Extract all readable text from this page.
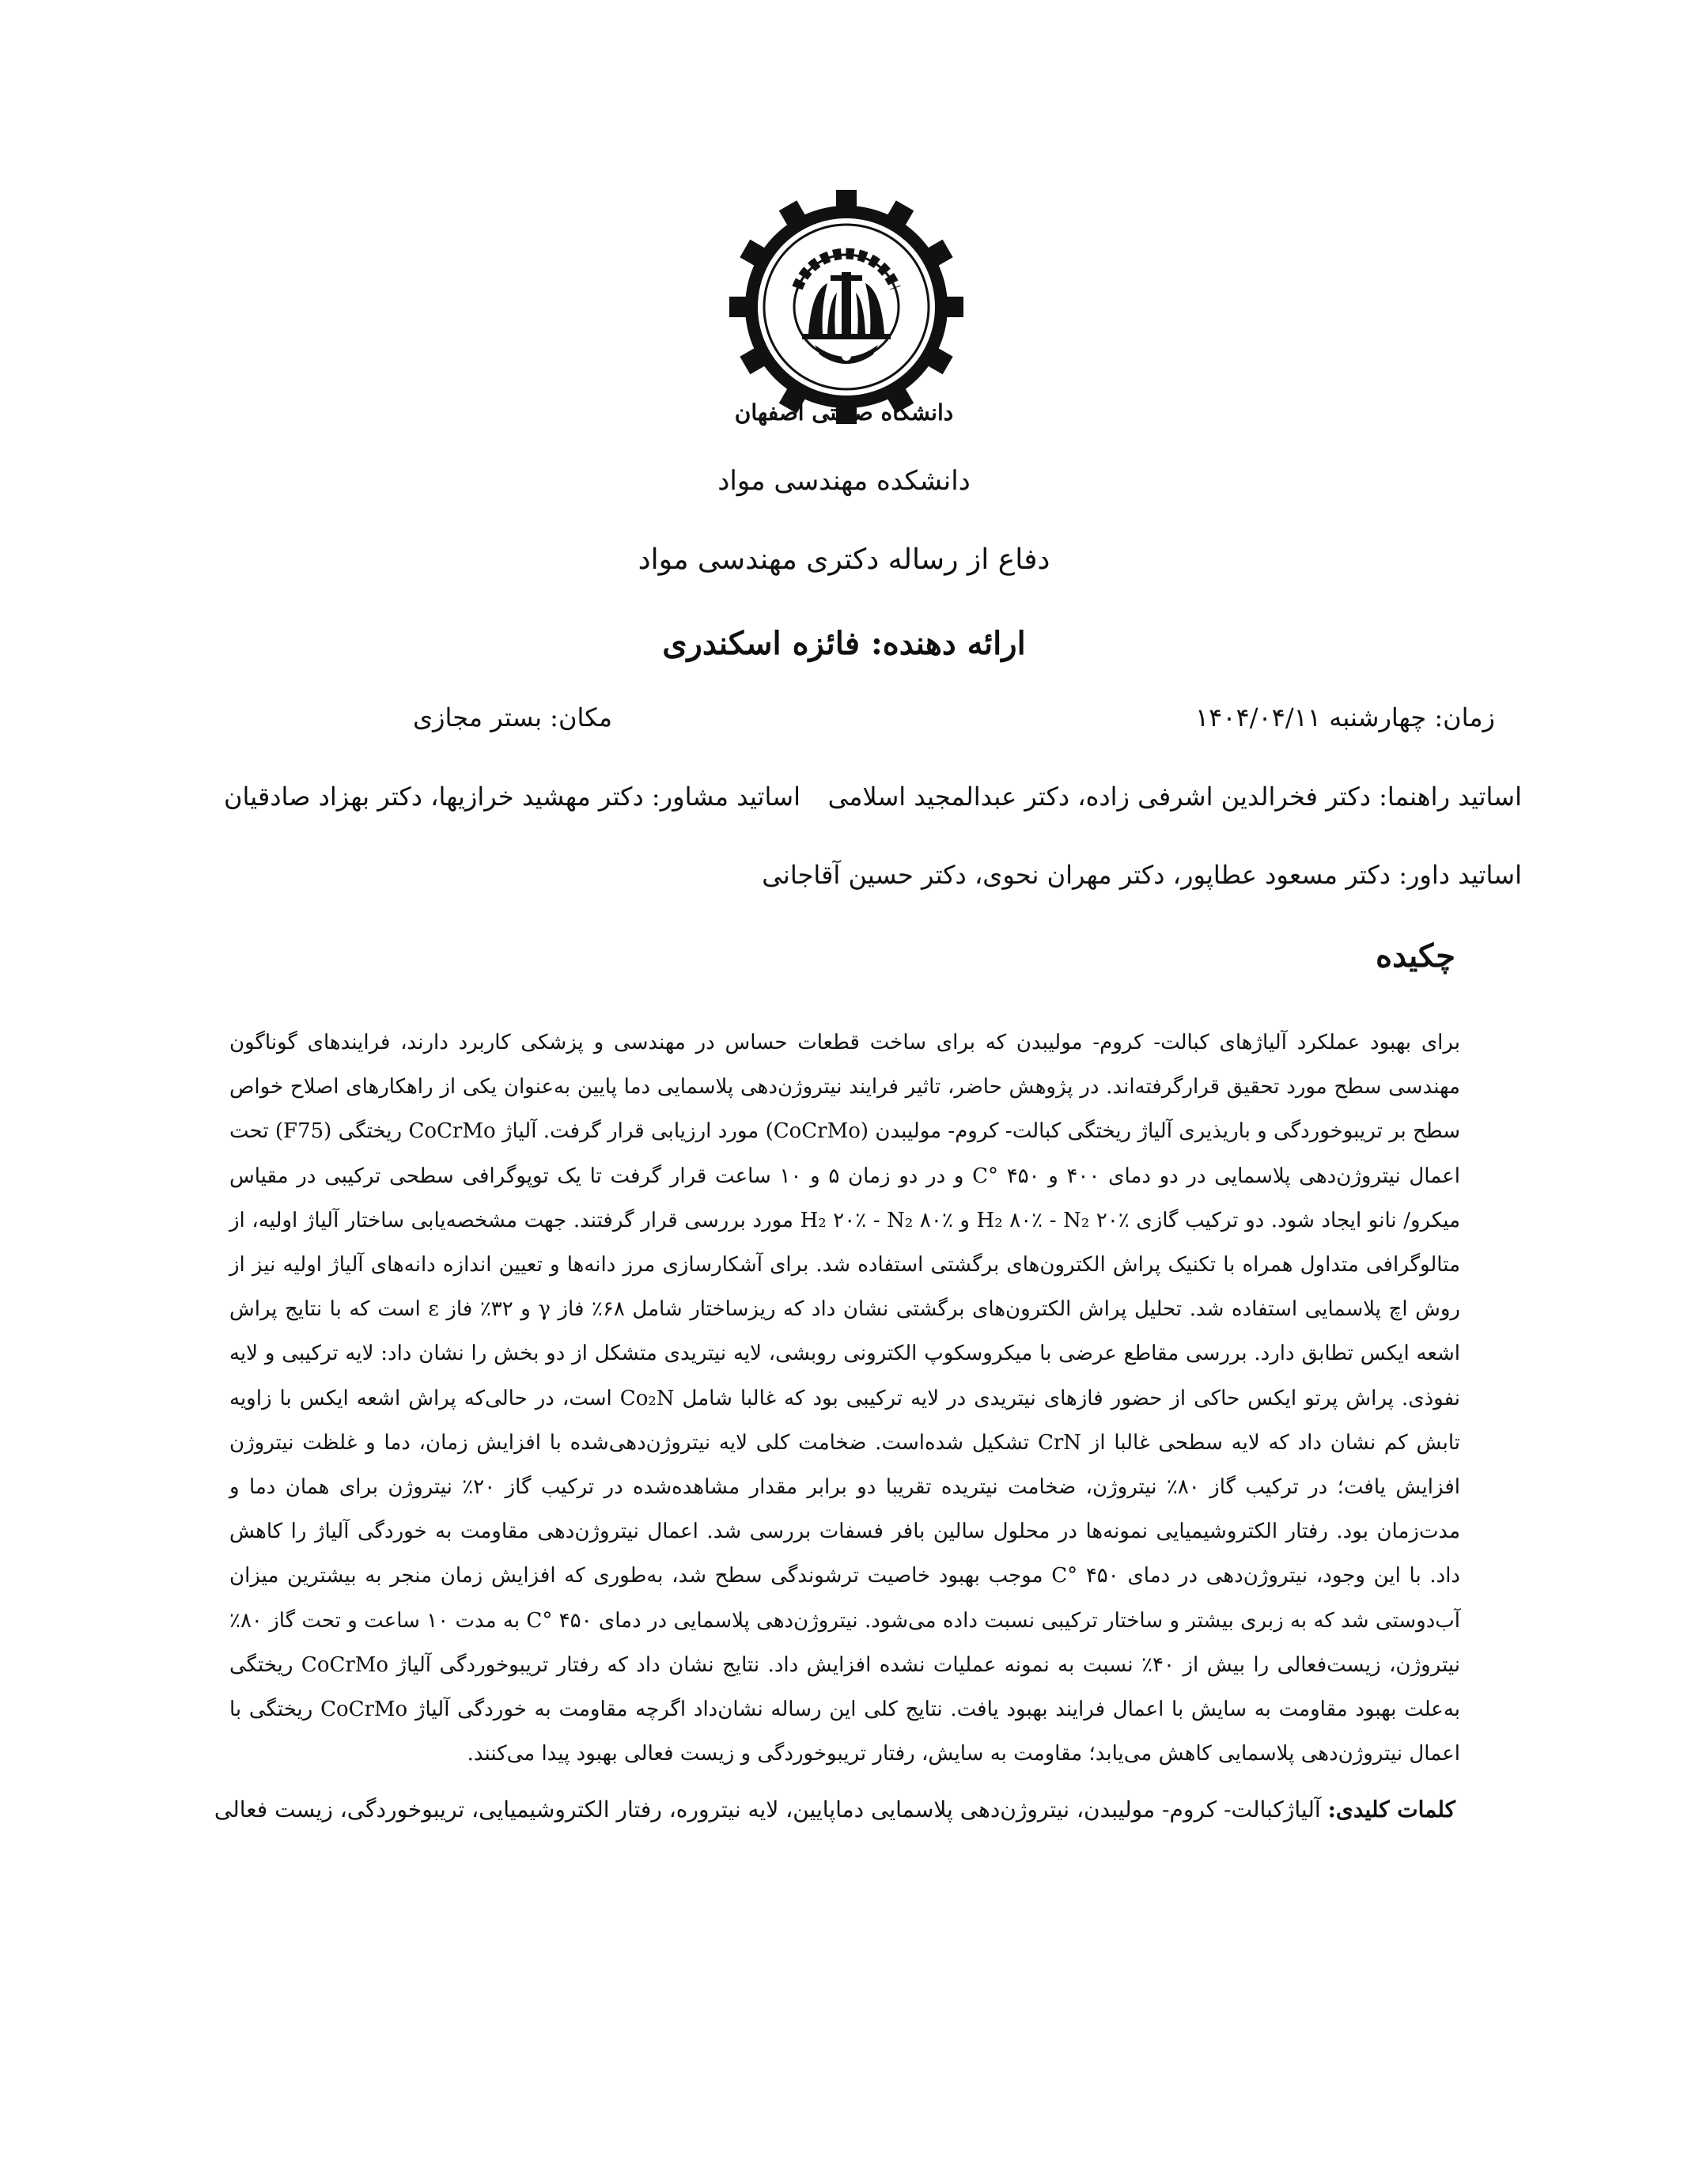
دانشگاه صنعتی اصفهان
دانشکده مهندسی مواد
دفاع از رساله دکتری مهندسی مواد
ارائه دهنده: فائزه اسکندری
زمان: چهارشنبه ۱۴۰۴/۰۴/۱۱
مکان: بستر مجازی
اساتید راهنما: دکتر فخرالدین اشرفی زاده، دکتر عبدالمجید اسلامی
اساتید مشاور: دکتر مهشید خرازیها، دکتر بهزاد صادقیان
اساتید داور: دکتر مسعود عطاپور، دکتر مهران نحوی، دکتر حسین آقاجانی
چکیده
برای بهبود عملکرد آلیاژهای کبالت- کروم- مولیبدن که برای ساخت قطعات حساس در مهندسی و پزشکی کاربرد دارند، فرایندهای گوناگون مهندسی سطح مورد تحقیق قرارگرفته‌اند. در پژوهش حاضر، تاثیر فرایند نیتروژن‌دهی پلاسمایی دما پایین به‌عنوان یکی از راهکارهای اصلاح خواص سطح بر تریبوخوردگی و باریذیری آلیاژ ریختگی کبالت- کروم- مولیبدن (CoCrMo) مورد ارزیابی قرار گرفت. آلیاژ CoCrMo ریختگی (F75) تحت اعمال نیتروژن‌دهی پلاسمایی در دو دمای ۴۰۰ و ۴۵۰ °C و در دو زمان ۵ و ۱۰ ساعت قرار گرفت تا یک توپوگرافی سطحی ترکیبی در مقیاس میکرو/ نانو ایجاد شود. دو ترکیب گازی H₂ ۸۰٪ - N₂ ۲۰٪ و H₂ ۲۰٪ - N₂ ۸۰٪ مورد بررسی قرار گرفتند. جهت مشخصه‌یابی ساختار آلیاژ اولیه، از متالوگرافی متداول همراه با تکنیک پراش الکترون‌های برگشتی استفاده شد. برای آشکارسازی مرز دانه‌ها و تعیین اندازه دانه‌های آلیاژ اولیه نیز از روش اچ پلاسمایی استفاده شد. تحلیل پراش الکترون‌های برگشتی نشان داد که ریزساختار شامل ۶۸٪ فاز γ و ۳۲٪ فاز ε است که با نتایج پراش اشعه ایکس تطابق دارد. بررسی مقاطع عرضی با میکروسکوپ الکترونی روبشی، لایه نیتریدی متشکل از دو بخش را نشان داد: لایه ترکیبی و لایه نفوذی. پراش پرتو ایکس حاکی از حضور فازهای نیتریدی در لایه ترکیبی بود که غالبا شامل Co₂N است، در حالی‌که پراش اشعه ایکس با زاویه تابش کم نشان داد که لایه سطحی غالبا از CrN تشکیل شده‌است. ضخامت کلی لایه نیتروژن‌دهی‌شده با افزایش زمان، دما و غلظت نیتروژن افزایش یافت؛ در ترکیب گاز ۸۰٪ نیتروژن، ضخامت نیتریده تقریبا دو برابر مقدار مشاهده‌شده در ترکیب گاز ۲۰٪ نیتروژن برای همان دما و مدت‌زمان بود. رفتار الکتروشیمیایی نمونه‌ها در محلول سالین بافر فسفات بررسی شد. اعمال نیتروژن‌دهی مقاومت به خوردگی آلیاژ را کاهش داد. با این وجود، نیتروژن‌دهی در دمای ۴۵۰ °C موجب بهبود خاصیت ترشوندگی سطح شد، به‌طوری که افزایش زمان منجر به بیشترین میزان آب‌دوستی شد که به زبری بیشتر و ساختار ترکیبی نسبت داده می‌شود. نیتروژن‌دهی پلاسمایی در دمای ۴۵۰ °C به مدت ۱۰ ساعت و تحت گاز ۸۰٪ نیتروژن، زیست‌فعالی را بیش از ۴۰٪ نسبت به نمونه عملیات نشده افزایش داد. نتایج نشان داد که رفتار تریبوخوردگی آلیاژ CoCrMo ریختگی به‌علت بهبود مقاومت به سایش با اعمال فرایند بهبود یافت. نتایج کلی این رساله نشان‌داد اگرچه مقاومت به خوردگی آلیاژ CoCrMo ریختگی با اعمال نیتروژن‌دهی پلاسمایی کاهش می‌یابد؛ مقاومت به سایش، رفتار تریبوخوردگی و زیست فعالی بهبود پیدا می‌کنند.
کلمات کلیدی: آلیاژکبالت- کروم- مولیبدن، نیتروژن‌دهی پلاسمایی دماپایین، لایه نیتروره، رفتار الکتروشیمیایی، تریبوخوردگی، زیست فعالی
